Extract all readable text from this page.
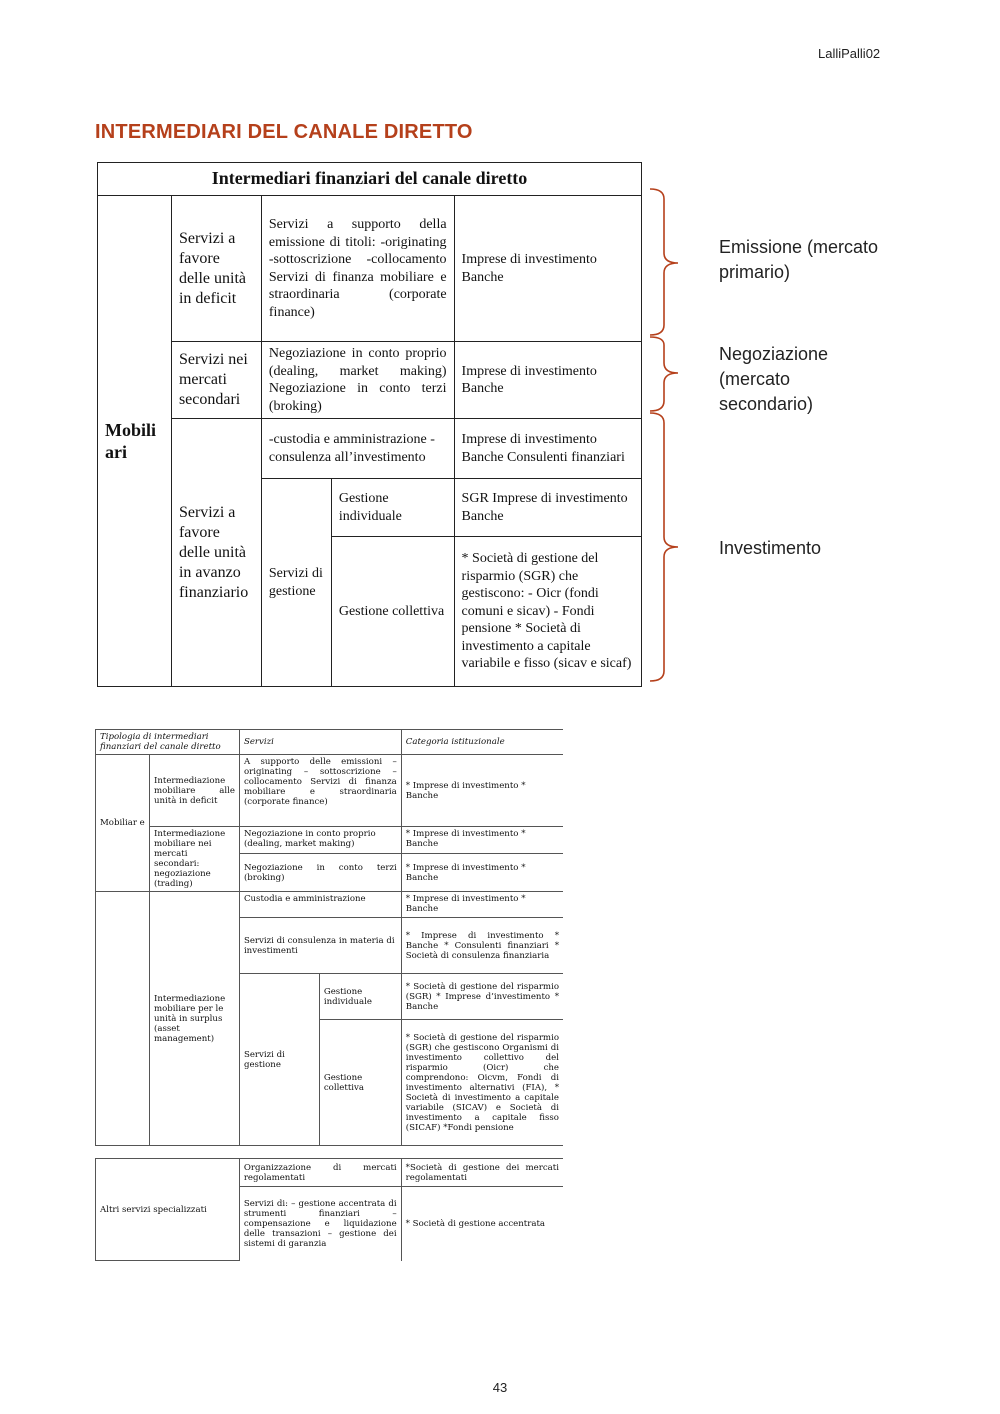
LalliPalli02
INTERMEDIARI DEL CANALE DIRETTO
Intermediari finanziari del canale diretto				
Mobili ari	Servizi a favore delle unità in deficit	Servizi a supporto della emissione di titoli: -originating -sottoscrizione -collocamento Servizi di finanza mobiliare e straordinaria (corporate finance)		Imprese di investimento Banche
	Servizi nei mercati secondari	Negoziazione in conto proprio (dealing, market making) Negoziazione in conto terzi (broking)		Imprese di investimento Banche
	Servizi a favore delle unità in avanzo finanziario	-custodia e amministrazione -consulenza all’investimento		Imprese di investimento Banche Consulenti finanziari
		Servizi di gestione	Gestione individuale	SGR Imprese di investimento Banche
			Gestione collettiva	* Società di gestione del risparmio (SGR) che gestiscono: - Oicr (fondi comuni e sicav) - Fondi pensione * Società di investimento a capitale variabile e fisso (sicav e sicaf)
Emissione (mercato primario)
Negoziazione (mercato secondario)
Investimento
Tipologia di intermediari finanziari del canale diretto		Servizi		Categoria istituzionale
Mobiliar e	Intermediazione mobiliare alle unità in deficit	A supporto delle emissioni – originating – sottoscrizione – collocamento Servizi di finanza mobiliare e straordinaria (corporate finance)		* Imprese di investimento * Banche
	Intermediazione mobiliare nei mercati secondari: negoziazione (trading)	Negoziazione in conto proprio (dealing, market making)		* Imprese di investimento * Banche
		Negoziazione in conto terzi (broking)		* Imprese di investimento * Banche
	Intermediazione mobiliare per le unità in surplus (asset management)	Custodia e amministrazione		* Imprese di investimento * Banche
		Servizi di consulenza in materia di investimenti		* Imprese di investimento * Banche * Consulenti finanziari * Società di consulenza finanziaria
		Servizi di gestione	Gestione individuale	* Società di gestione del risparmio (SGR) * Imprese d’investimento * Banche
			Gestione collettiva	* Società di gestione del risparmio (SGR) che gestiscono Organismi di investimento collettivo del risparmio (Oicr) che comprendono: Oicvm, Fondi di investimento alternativi (FIA), * Società di investimento a capitale variabile (SICAV) e Società di investimento a capitale fisso (SICAF) *Fondi pensione
Altri servizi specializzati	Organizzazione di mercati regolamentati	*Società di gestione dei mercati regolamentati
	Servizi di: – gestione accentrata di strumenti finanziari – compensazione e liquidazione delle transazioni – gestione dei sistemi di garanzia	* Società di gestione accentrata
43
